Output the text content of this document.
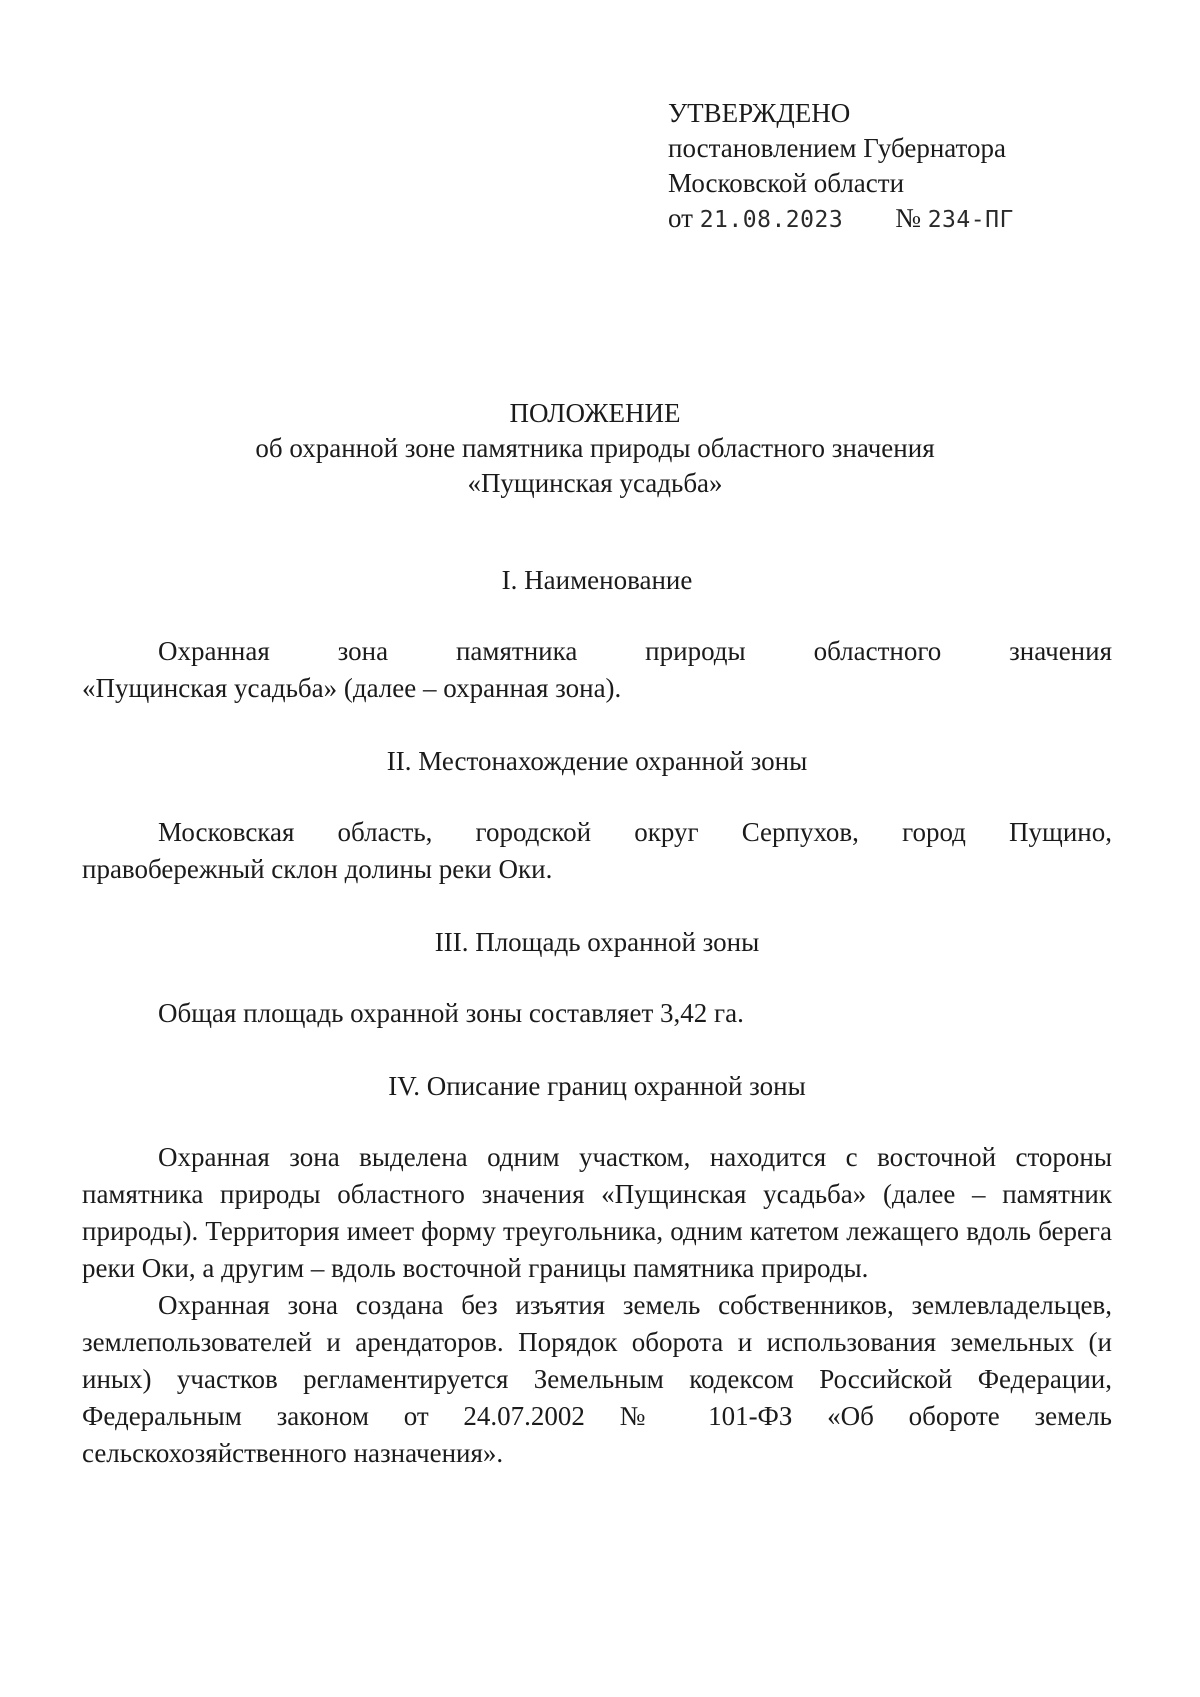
УТВЕРЖДЕНО
постановлением Губернатора
Московской области
от 21.08.2023 № 234-ПГ
ПОЛОЖЕНИЕ
об охранной зоне памятника природы областного значения
«Пущинская усадьба»

I. Наименование

Охранная зона памятника природы областного значения
«Пущинская усадьба» (далее – охранная зона).

II. Местонахождение охранной зоны

Московская область, городской округ Серпухов, город Пущино,
правобережный склон долины реки Оки.

III. Площадь охранной зоны

Общая площадь охранной зоны составляет 3,42 га.

IV. Описание границ охранной зоны

Охранная зона выделена одним участком, находится с восточной стороны памятника природы областного значения «Пущинская усадьба» (далее – памятник природы). Территория имеет форму треугольника, одним катетом лежащего вдоль берега реки Оки, а другим – вдоль восточной границы памятника природы.

Охранная зона создана без изъятия земель собственников, землевладельцев, землепользователей и арендаторов. Порядок оборота и использования земельных (и иных) участков регламентируется Земельным кодексом Российской Федерации, Федеральным законом от 24.07.2002 № 101-ФЗ «Об обороте земель сельскохозяйственного назначения».
